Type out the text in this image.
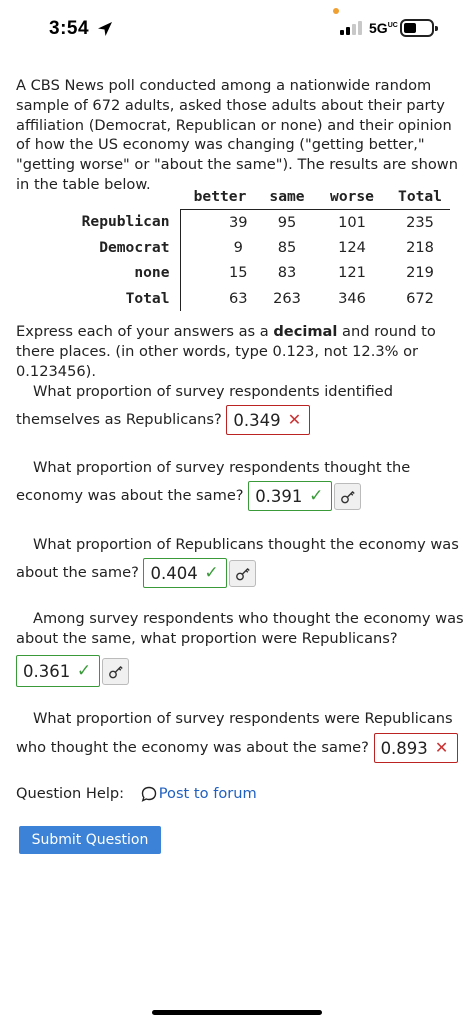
3:54	5GUC

A CBS News poll conducted among a nationwide random sample of 672 adults, asked those adults about their party affiliation (Democrat, Republican or none) and their opinion of how the US economy was changing ("getting better," "getting worse" or "about the same"). The results are shown in the table below.

	better	same	worse	Total
Republican	39	95	101	235
Democrat	9	85	124	218
none	15	83	121	219
Total	63	263	346	672

Express each of your answers as a decimal and round to there places. (in other words, type 0.123, not 12.3% or 0.123456).

What proportion of survey respondents identified themselves as Republicans? 0.349	✕
What proportion of survey respondents thought the economy was about the same? 0.391	✓
What proportion of Republicans thought the economy was about the same? 0.404	✓
Among survey respondents who thought the economy was about the same, what proportion were Republicans?

0.361✓
What proportion of survey respondents were Republicans who thought the economy was about the same? 0.893	✕
Question Help: Post to forum
Submit Question
